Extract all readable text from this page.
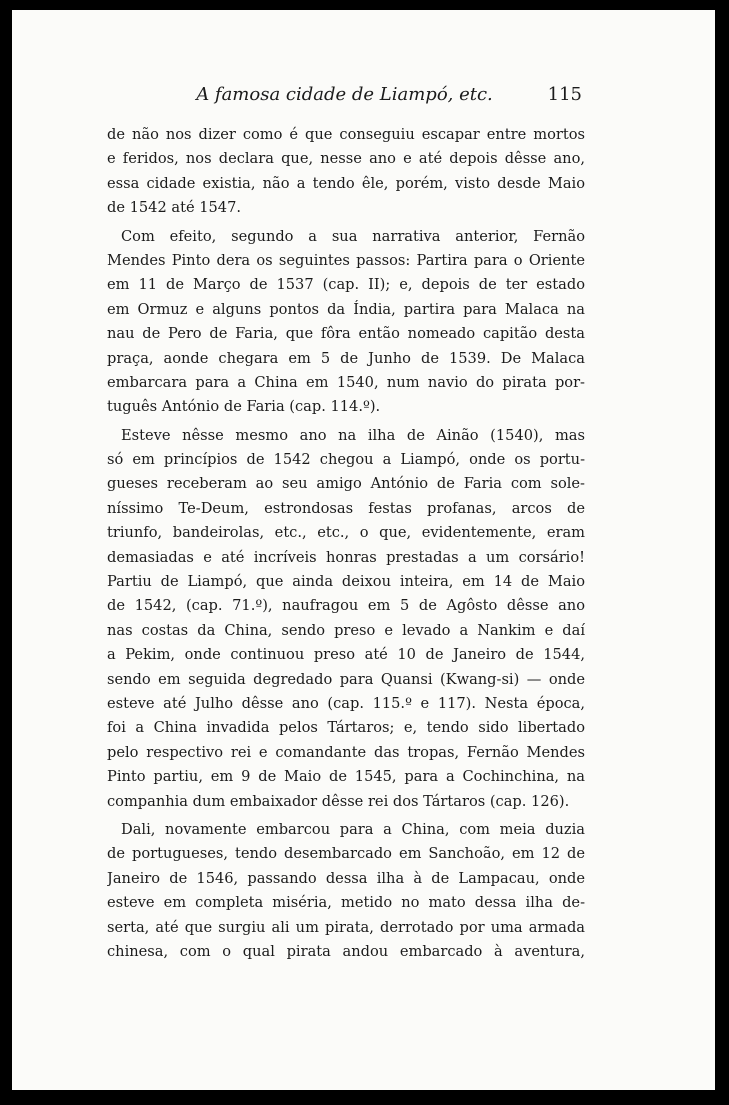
A famosa cidade de Liampó, etc.	115
de não nos dizer como é que conseguiu escapar entre mortos
e feridos, nos declara que, nesse ano e até depois dêsse ano,
essa cidade existia, não a tendo êle, porém, visto desde Maio
de 1542 até 1547.
Com efeito, segundo a sua narrativa anterior, Fernão
Mendes Pinto dera os seguintes passos: Partira para o Oriente
em 11 de Março de 1537 (cap. II); e, depois de ter estado
em Ormuz e alguns pontos da Índia, partira para Malaca na
nau de Pero de Faria, que fôra então nomeado capitão desta
praça, aonde chegara em 5 de Junho de 1539. De Malaca
embarcara para a China em 1540, num navio do pirata por-
tuguês António de Faria (cap. 114.º).
Esteve nêsse mesmo ano na ilha de Ainão (1540), mas
só em princípios de 1542 chegou a Liampó, onde os portu-
gueses receberam ao seu amigo António de Faria com sole-
níssimo Te-Deum, estrondosas festas profanas, arcos de
triunfo, bandeirolas, etc., etc., o que, evidentemente, eram
demasiadas e até incríveis honras prestadas a um corsário!
Partiu de Liampó, que ainda deixou inteira, em 14 de Maio
de 1542, (cap. 71.º), naufragou em 5 de Agôsto dêsse ano
nas costas da China, sendo preso e levado a Nankim e daí
a Pekim, onde continuou preso até 10 de Janeiro de 1544,
sendo em seguida degredado para Quansi (Kwang-si) — onde
esteve até Julho dêsse ano (cap. 115.º e 117). Nesta época,
foi a China invadida pelos Tártaros; e, tendo sido libertado
pelo respectivo rei e comandante das tropas, Fernão Mendes
Pinto partiu, em 9 de Maio de 1545, para a Cochinchina, na
companhia dum embaixador dêsse rei dos Tártaros (cap. 126).
Dali, novamente embarcou para a China, com meia duzia
de portugueses, tendo desembarcado em Sanchoão, em 12 de
Janeiro de 1546, passando dessa ilha à de Lampacau, onde
esteve em completa miséria, metido no mato dessa ilha de-
serta, até que surgiu ali um pirata, derrotado por uma armada
chinesa, com o qual pirata andou embarcado à aventura,
